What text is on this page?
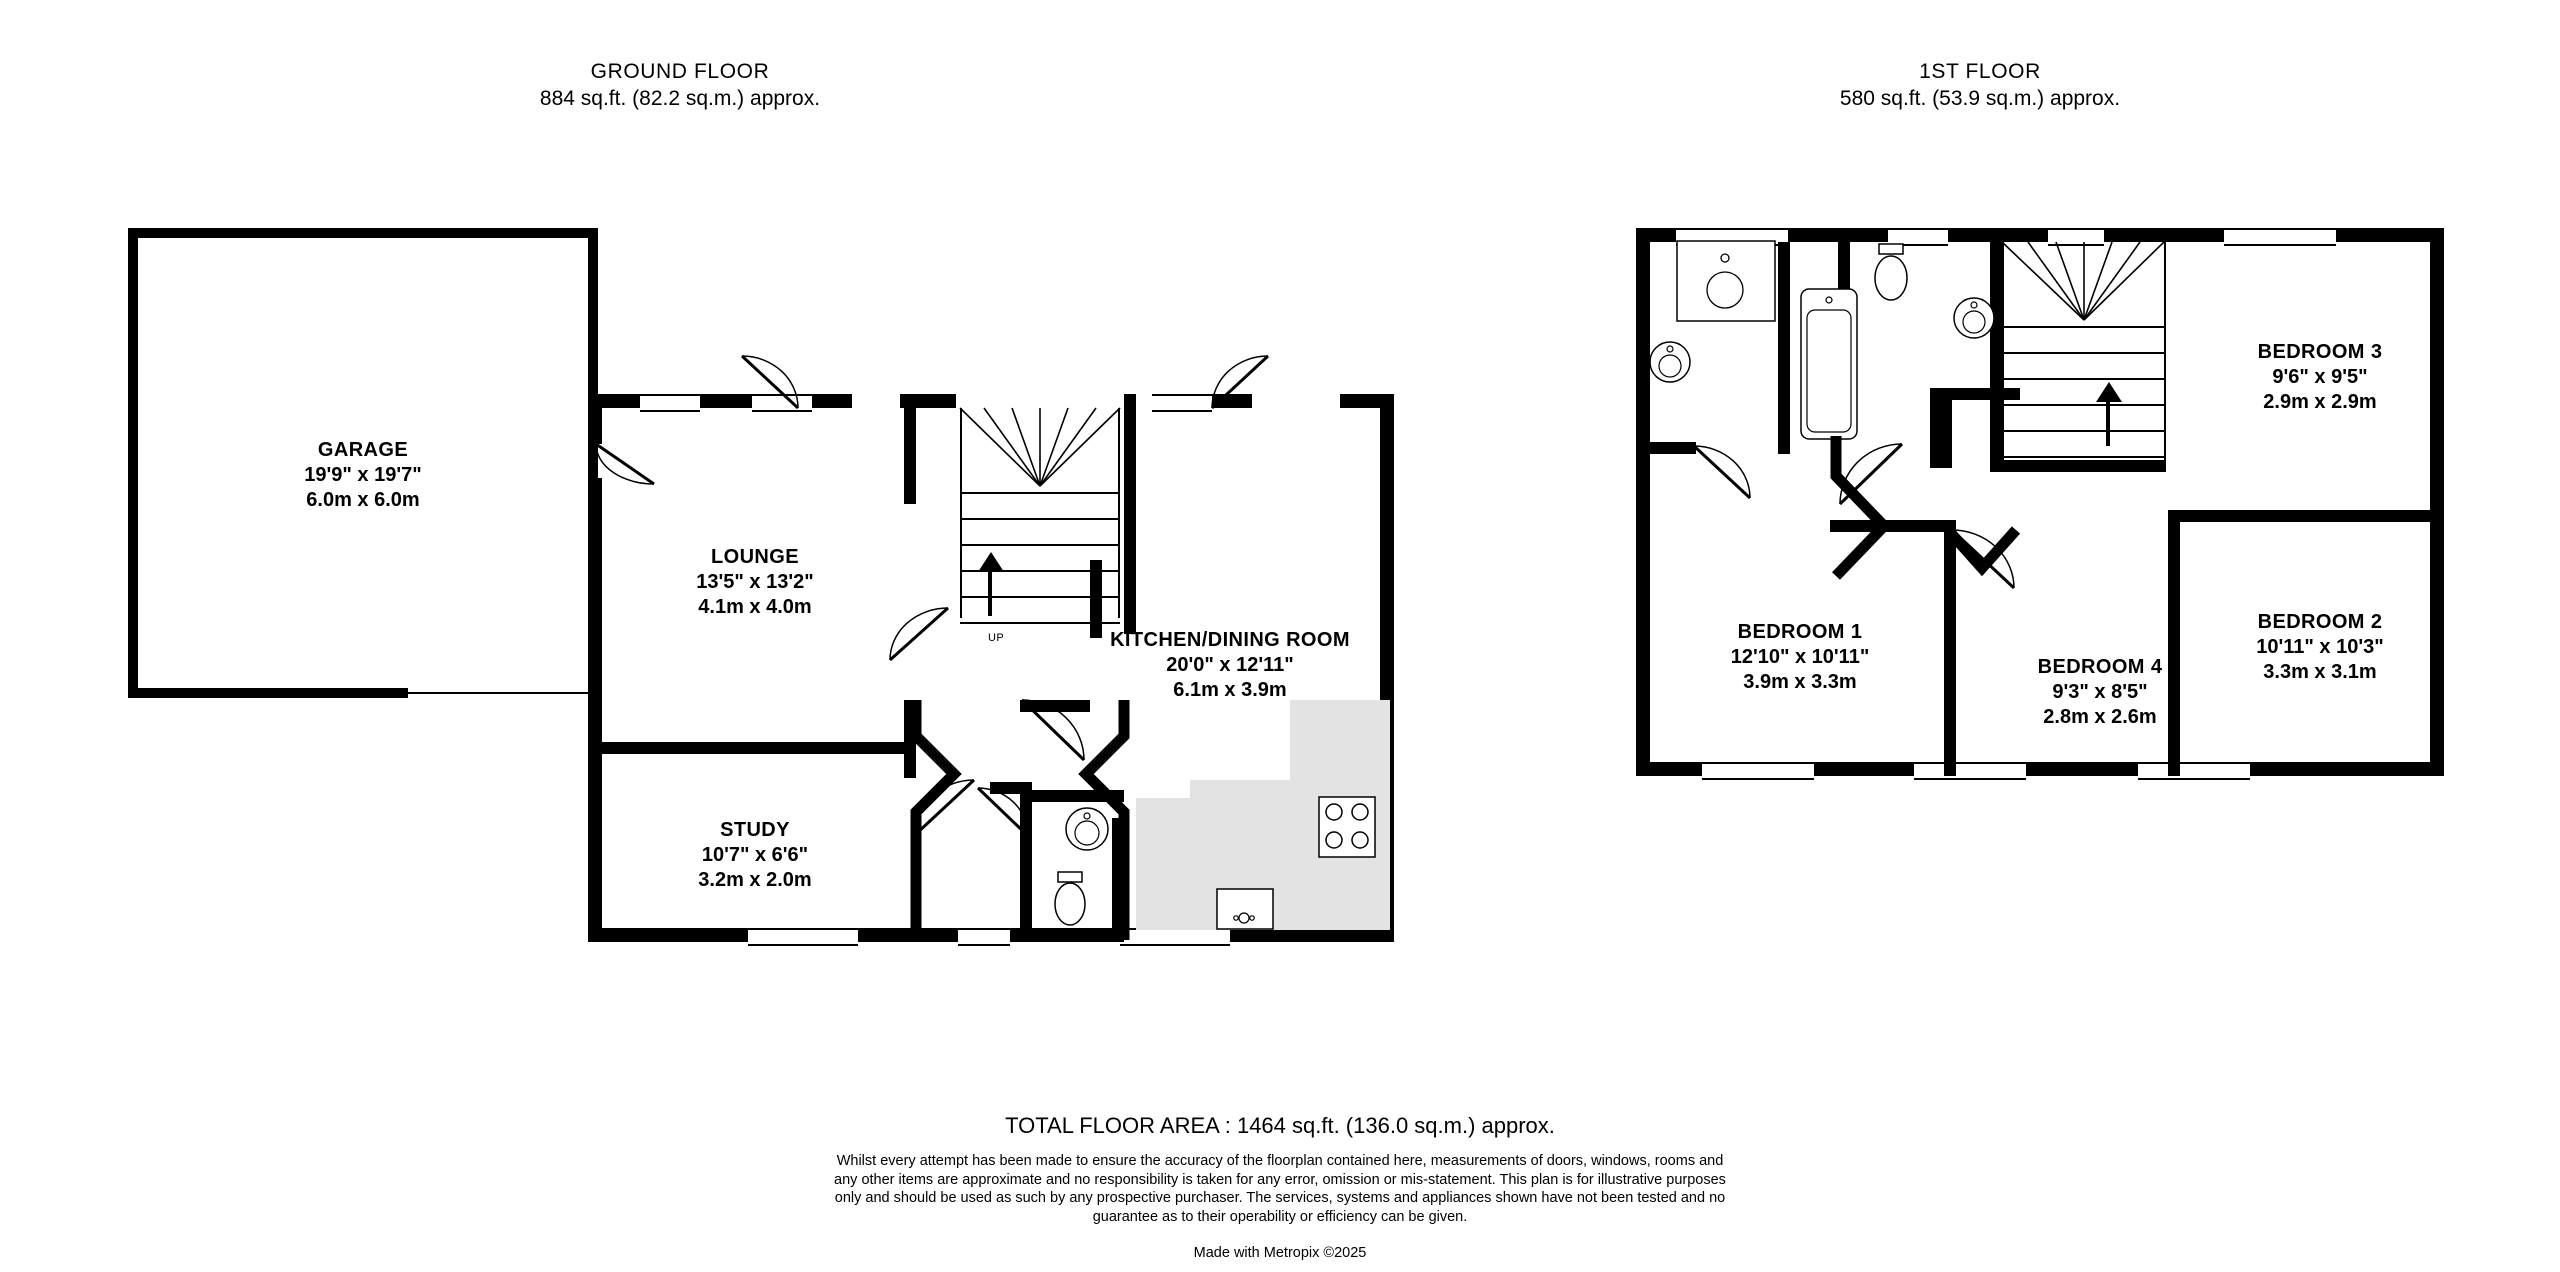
GROUND FLOOR
884 sq.ft. (82.2 sq.m.) approx.
1ST FLOOR
580 sq.ft. (53.9 sq.m.) approx.
UP
GARAGE
19'9" x 19'7"
6.0m x 6.0m
LOUNGE
13'5" x 13'2"
4.1m x 4.0m
KITCHEN/DINING ROOM
20'0" x 12'11"
6.1m x 3.9m
STUDY
10'7" x 6'6"
3.2m x 2.0m
DOWN
BEDROOM 3
9'6" x 9'5"
2.9m x 2.9m
BEDROOM 2
10'11" x 10'3"
3.3m x 3.1m
BEDROOM 1
12'10" x 10'11"
3.9m x 3.3m
BEDROOM 4
9'3" x 8'5"
2.8m x 2.6m
TOTAL FLOOR AREA : 1464 sq.ft. (136.0 sq.m.) approx.
Whilst every attempt has been made to ensure the accuracy of the floorplan contained here, measurements of doors, windows, rooms and any other items are approximate and no responsibility is taken for any error, omission or mis-statement. This plan is for illustrative purposes only and should be used as such by any prospective purchaser. The services, systems and appliances shown have not been tested and no guarantee as to their operability or efficiency can be given.
Made with Metropix ©2025
